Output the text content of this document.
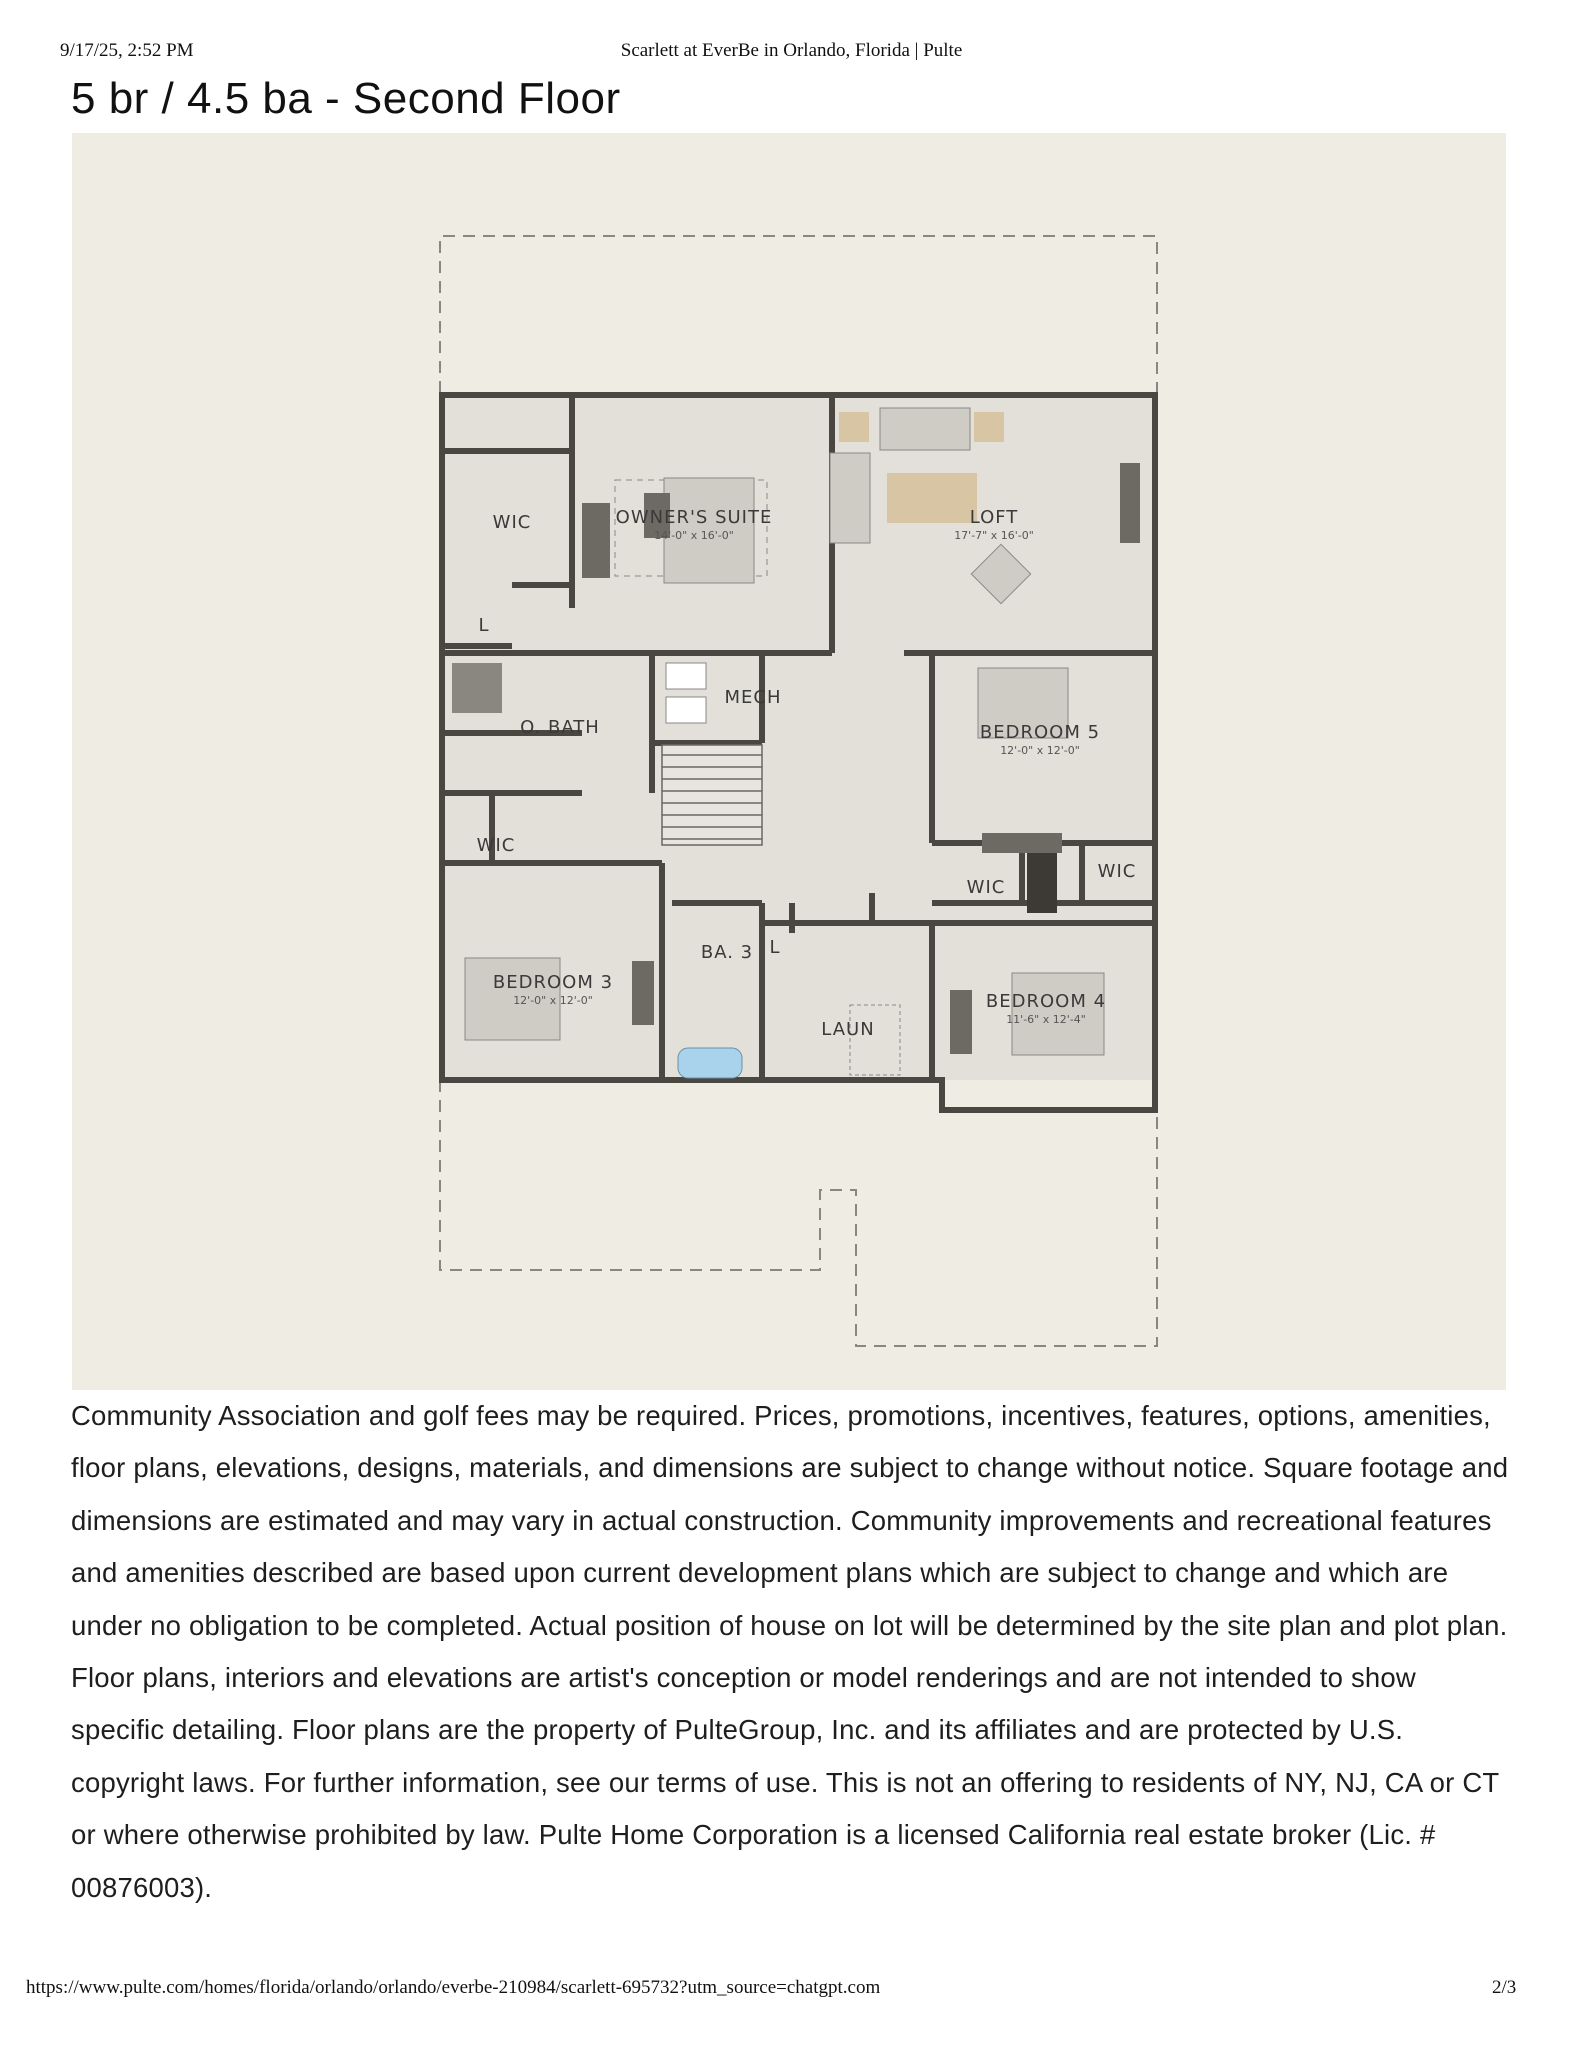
9/17/25, 2:52 PM	Scarlett at EverBe in Orlando, Florida | Pulte
5 br / 4.5 ba - Second Floor
WIC	OWNER'S SUITE
14'-0" x 16'-0"
LOFT
17'-7" x 16'-0"
L
O. BATH
MECH
BEDROOM 5
12'-0" x 12'-0"
WIC
WIC
WIC
BEDROOM 3
12'-0" x 12'-0"
BA. 3 L
LAUN
BEDROOM 4
11'-6" x 12'-4"

Community Association and golf fees may be required. Prices, promotions, incentives, features, options, amenities, floor plans, elevations, designs, materials, and dimensions are subject to change without notice. Square footage and dimensions are estimated and may vary in actual construction. Community improvements and recreational features and amenities described are based upon current development plans which are subject to change and which are under no obligation to be completed. Actual position of house on lot will be determined by the site plan and plot plan. Floor plans, interiors and elevations are artist's conception or model renderings and are not intended to show specific detailing. Floor plans are the property of PulteGroup, Inc. and its affiliates and are protected by U.S. copyright laws. For further information, see our terms of use. This is not an offering to residents of NY, NJ, CA or CT or where otherwise prohibited by law. Pulte Home Corporation is a licensed California real estate broker (Lic. # 00876003).

https://www.pulte.com/homes/florida/orlando/orlando/everbe-210984/scarlett-695732?utm_source=chatgpt.com	2/3
